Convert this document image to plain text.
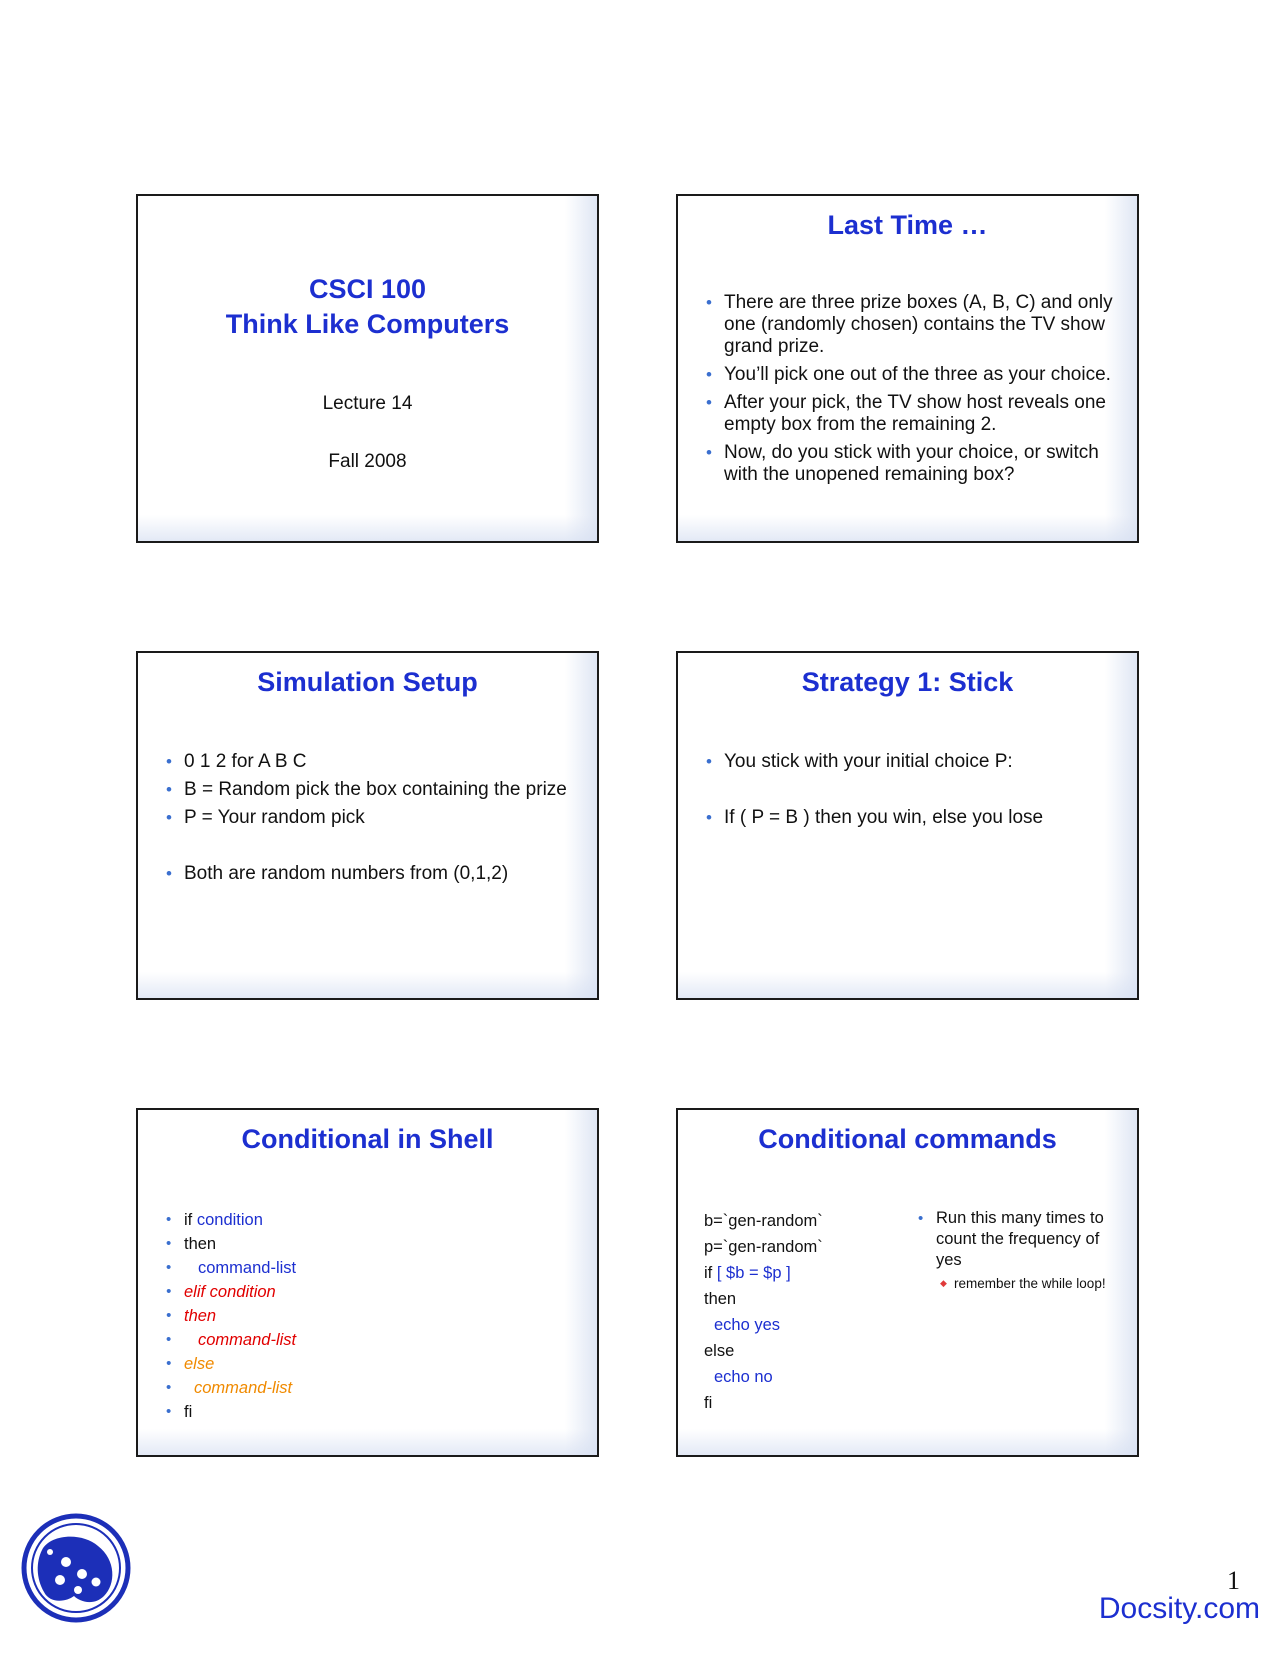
CSCI 100
Think Like Computers
Lecture 14
Fall 2008
Last Time …
• There are three prize boxes (A, B, C) and only one (randomly chosen) contains the TV show grand prize.
• You’ll pick one out of the three as your choice.
• After your pick, the TV show host reveals one empty box from the remaining 2.
• Now, do you stick with your choice, or switch with the unopened remaining box?
Simulation Setup
• 0 1 2 for A B C
• B = Random pick the box containing the prize
• P = Your random pick
• Both are random numbers from (0,1,2)
Strategy 1: Stick
• You stick with your initial choice P:
• If ( P = B ) then you win, else you lose
Conditional in Shell
• if condition
• then
• command-list
• elif condition
• then
• command-list
• else
• command-list
• fi
Conditional commands
b=`gen-random`
p=`gen-random`
if [ $b = $p ]
then
echo yes
else
echo no
fi
• Run this many times to count the frequency of yes
◆ remember the while loop!
1
Docsity.com
